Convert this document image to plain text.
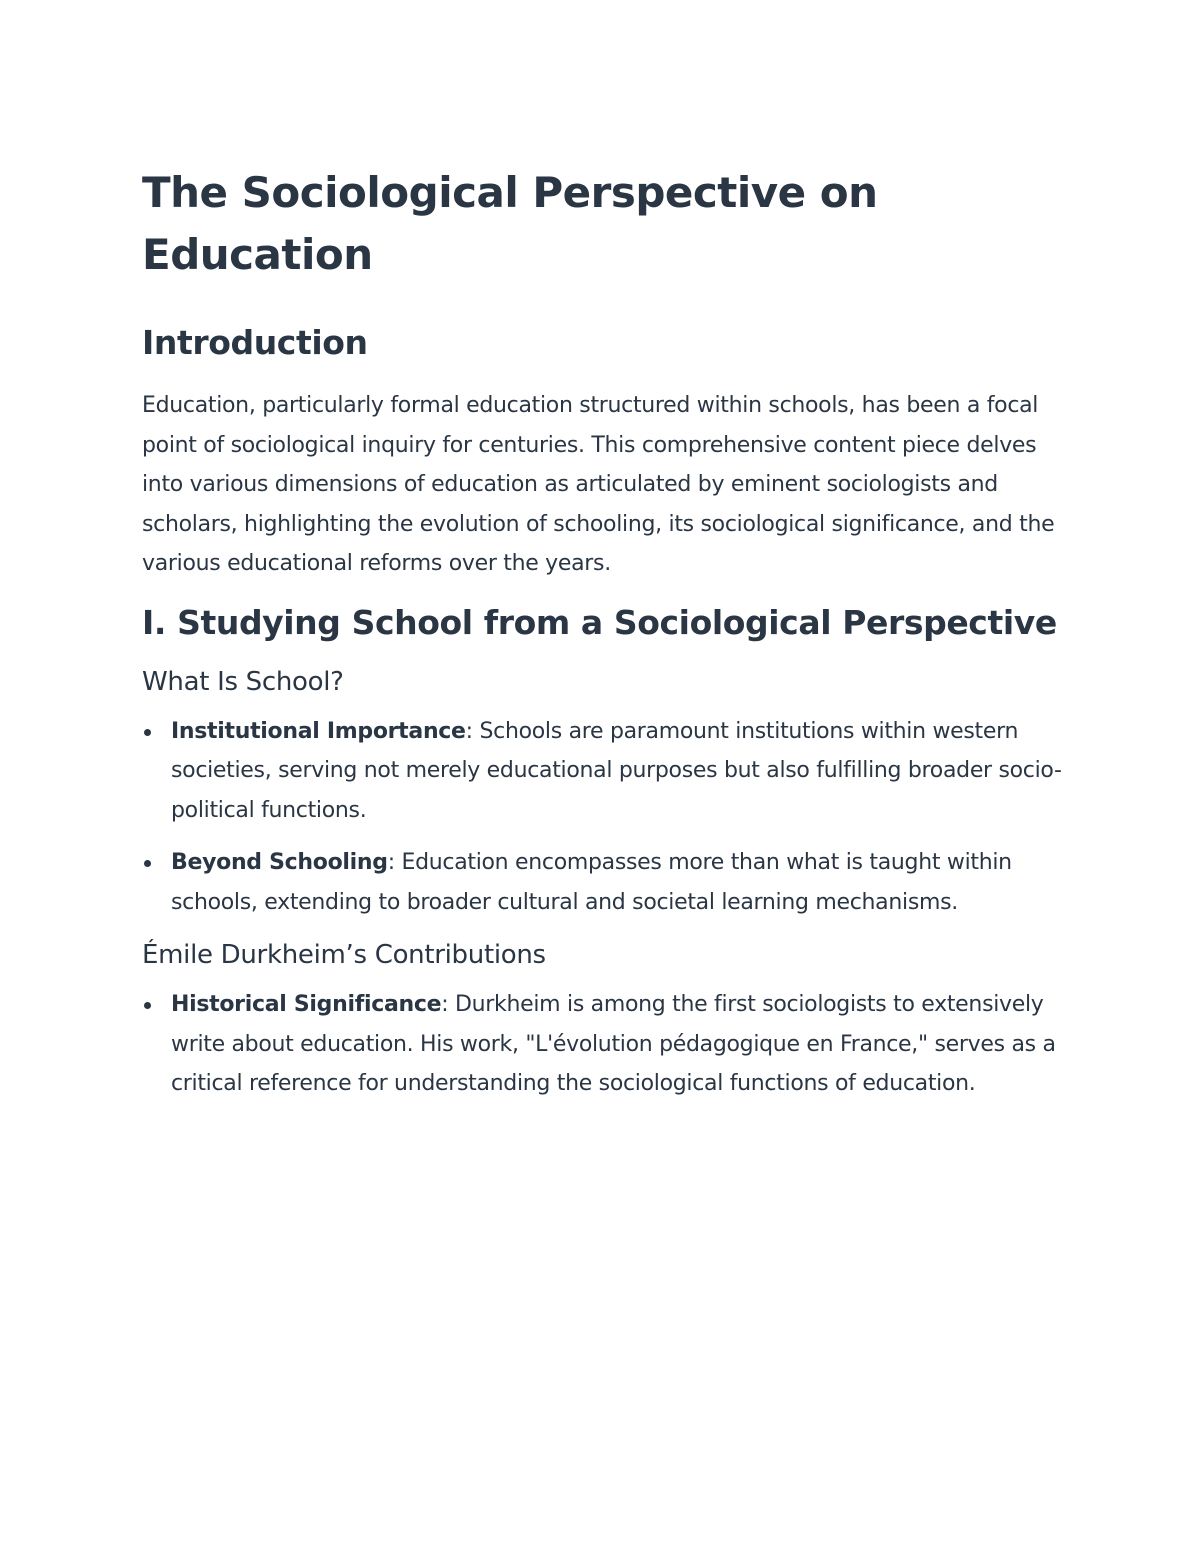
The Sociological Perspective on Education
Introduction

Education, particularly formal education structured within schools, has been a focal point of sociological inquiry for centuries. This comprehensive content piece delves into various dimensions of education as articulated by eminent sociologists and scholars, highlighting the evolution of schooling, its sociological significance, and the various educational reforms over the years.

I. Studying School from a Sociological Perspective
What Is School?
Institutional Importance: Schools are paramount institutions within western societies, serving not merely educational purposes but also fulfilling broader socio-political functions.
Beyond Schooling: Education encompasses more than what is taught within schools, extending to broader cultural and societal learning mechanisms.
Émile Durkheim’s Contributions
Historical Significance: Durkheim is among the first sociologists to extensively write about education. His work, "L'évolution pédagogique en France," serves as a critical reference for understanding the sociological functions of education.
